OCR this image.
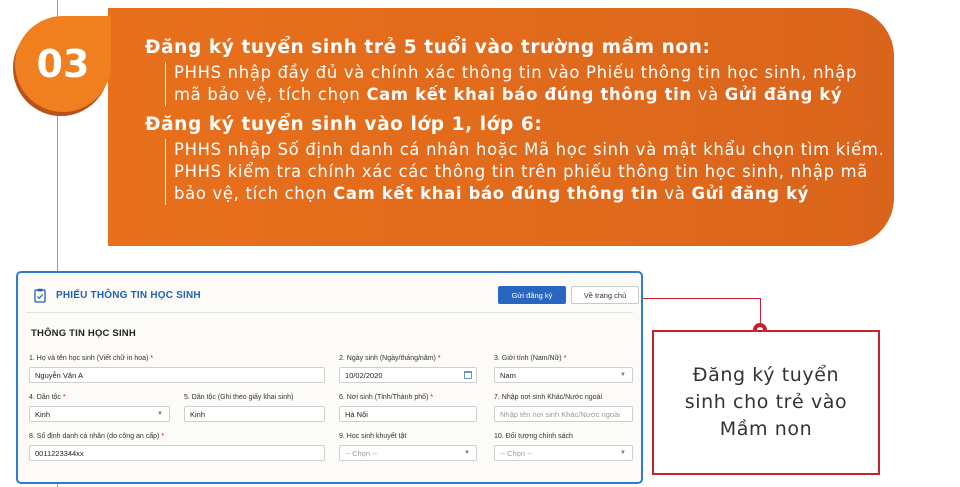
03	Đăng ký tuyển sinh trẻ 5 tuổi vào trường mầm non:

PHHS nhập đầy đủ và chính xác thông tin vào Phiếu thông tin học sinh, nhập mã bảo vệ, tích chọn Cam kết khai báo đúng thông tin và Gửi đăng ký

Đăng ký tuyển sinh vào lớp 1, lớp 6:

PHHS nhập Số định danh cá nhân hoặc Mã học sinh và mật khẩu chọn tìm kiếm.
PHHS kiểm tra chính xác các thông tin trên phiếu thông tin học sinh, nhập mã bảo vệ, tích chọn Cam kết khai báo đúng thông tin và Gửi đăng ký

PHIẾU THÔNG TIN HỌC SINH	Gửi đăng ký	Về trang chủ
THÔNG TIN HỌC SINH
1. Họ và tên học sinh (Viết chữ in hoa) *
Nguyễn Văn A
2. Ngày sinh (Ngày/tháng/năm) *
10/02/2020
3. Giới tính (Nam/Nữ) *
Nam	▼
4. Dân tộc *
Kinh	▼
5. Dân tộc (Ghi theo giấy khai sinh)
Kinh
6. Nơi sinh (Tỉnh/Thành phố) *
Hà Nội
7. Nhập nơi sinh Khác/Nước ngoài
Nhập tên nơi sinh Khác/Nước ngoài
8. Số định danh cá nhân (do công an cấp) *
0011223344xx
9. Học sinh khuyết tật
-- Chọn --	▼
10. Đối tượng chính sách
-- Chọn --	▼
Đăng ký tuyển sinh cho trẻ vào Mầm non
